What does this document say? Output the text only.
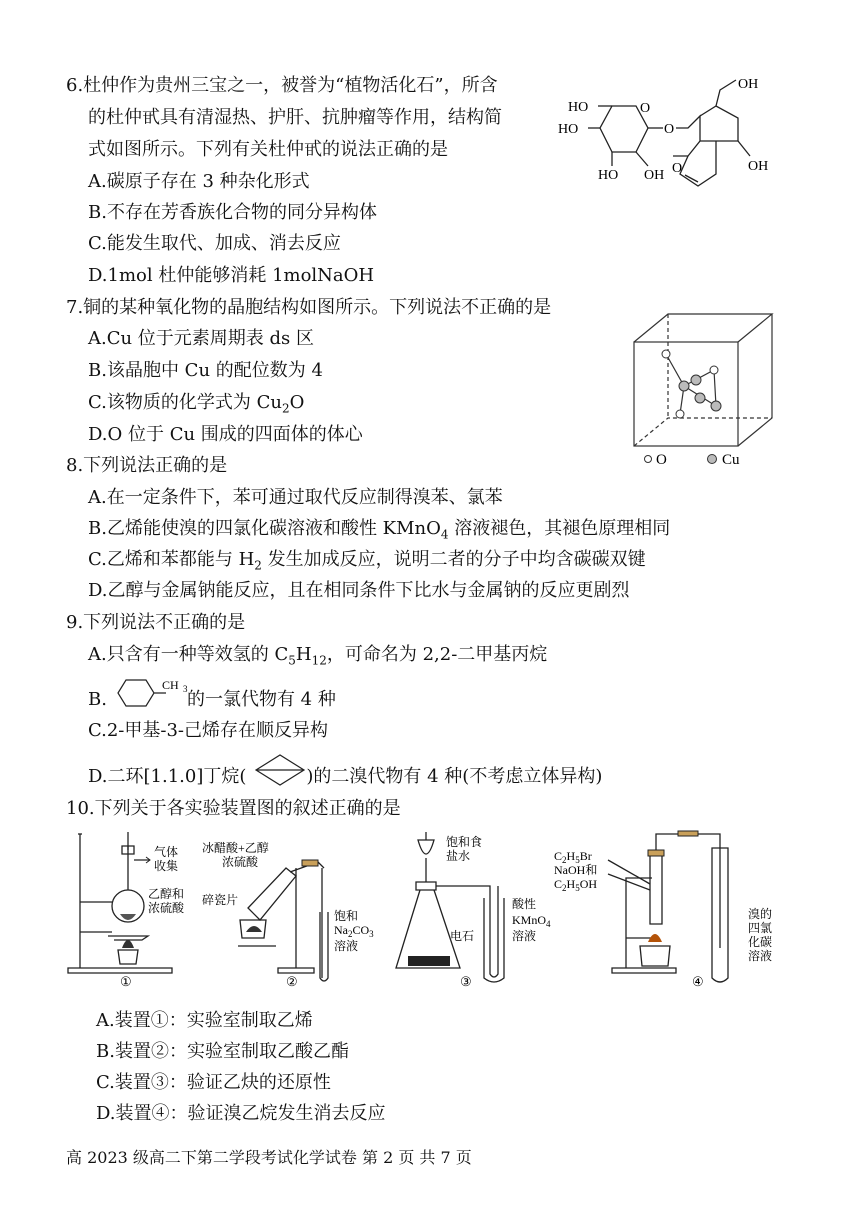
6.杜仲作为贵州三宝之一，被誉为“植物活化石”，所含
的杜仲甙具有清湿热、护肝、抗肿瘤等作用，结构简
式如图所示。下列有关杜仲甙的说法正确的是
A.碳原子存在 3 种杂化形式
B.不存在芳香族化合物的同分异构体
C.能发生取代、加成、消去反应
D.1mol 杜仲能够消耗 1molNaOH
HO
HO
HO OH
OH
OH
O
O
O
7.铜的某种氧化物的晶胞结构如图所示。下列说法不正确的是
A.Cu 位于元素周期表 ds 区
B.该晶胞中 Cu 的配位数为 4
C.该物质的化学式为 $Cu_2O$
D.O 位于 Cu 围成的四面体的体心
O	Cu
8.下列说法正确的是
A.在一定条件下，苯可通过取代反应制得溴苯、氯苯
B.乙烯能使溴的四氯化碳溶液和酸性 KMnO$_4$ 溶液褪色，其褪色原理相同
C.乙烯和苯都能与 $H_2$ 发生加成反应，说明二者的分子中均含碳碳双键
D.乙醇与金属钠能反应，且在相同条件下比水与金属钠的反应更剧烈
9.下列说法不正确的是
A.只含有一种等效氢的 $C_5H_{12}$，可命名为 2,2-二甲基丙烷
B.	的一氯代物有 4 种
CH 3
C.2-甲基-3-己烯存在顺反异构
D.二环[1.1.0]丁烷(	)的二溴代物有 4 种(不考虑立体异构)
10.下列关于各实验装置图的叙述正确的是
气体
收集
乙醇和
浓硫酸
①
冰醋酸+乙醇
浓硫酸
碎瓷片
饱和
$Na_2CO_3$
溶液
②
饱和食
盐水
电石
酸性
KMnO$_4$
溶液
③
$C_2H_5Br$
NaOH和
$C_2H_5OH$
溴的
四氯
化碳
溶液
④
A.装置①：实验室制取乙烯
B.装置②：实验室制取乙酸乙酯
C.装置③：验证乙炔的还原性
D.装置④：验证溴乙烷发生消去反应
高 2023 级高二下第二学段考试化学试卷 第 2 页 共 7 页
